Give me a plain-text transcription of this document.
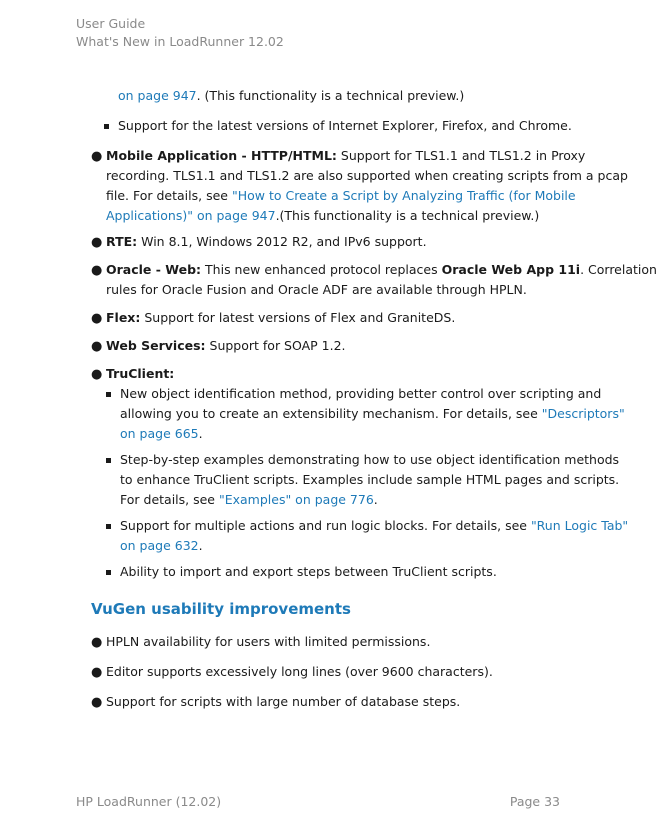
User Guide
What's New in LoadRunner 12.02
on page 947. (This functionality is a technical preview.)
Support for the latest versions of Internet Explorer, Firefox, and Chrome.
● Mobile Application - HTTP/HTML: Support for TLS1.1 and TLS1.2 in Proxy
recording. TLS1.1 and TLS1.2 are also supported when creating scripts from a pcap
file. For details, see "How to Create a Script by Analyzing Traffic (for Mobile
Applications)" on page 947.(This functionality is a technical preview.)
● RTE: Win 8.1, Windows 2012 R2, and IPv6 support.
● Oracle - Web: This new enhanced protocol replaces Oracle Web App 11i. Correlation
rules for Oracle Fusion and Oracle ADF are available through HPLN.
● Flex: Support for latest versions of Flex and GraniteDS.
● Web Services: Support for SOAP 1.2.
● TruClient:
New object identification method, providing better control over scripting and
allowing you to create an extensibility mechanism. For details, see "Descriptors"
on page 665.
Step-by-step examples demonstrating how to use object identification methods
to enhance TruClient scripts. Examples include sample HTML pages and scripts.
For details, see "Examples" on page 776.
Support for multiple actions and run logic blocks. For details, see "Run Logic Tab"
on page 632.
Ability to import and export steps between TruClient scripts.
VuGen usability improvements
● HPLN availability for users with limited permissions.
● Editor supports excessively long lines (over 9600 characters).
● Support for scripts with large number of database steps.
HP LoadRunner (12.02)	Page 33
